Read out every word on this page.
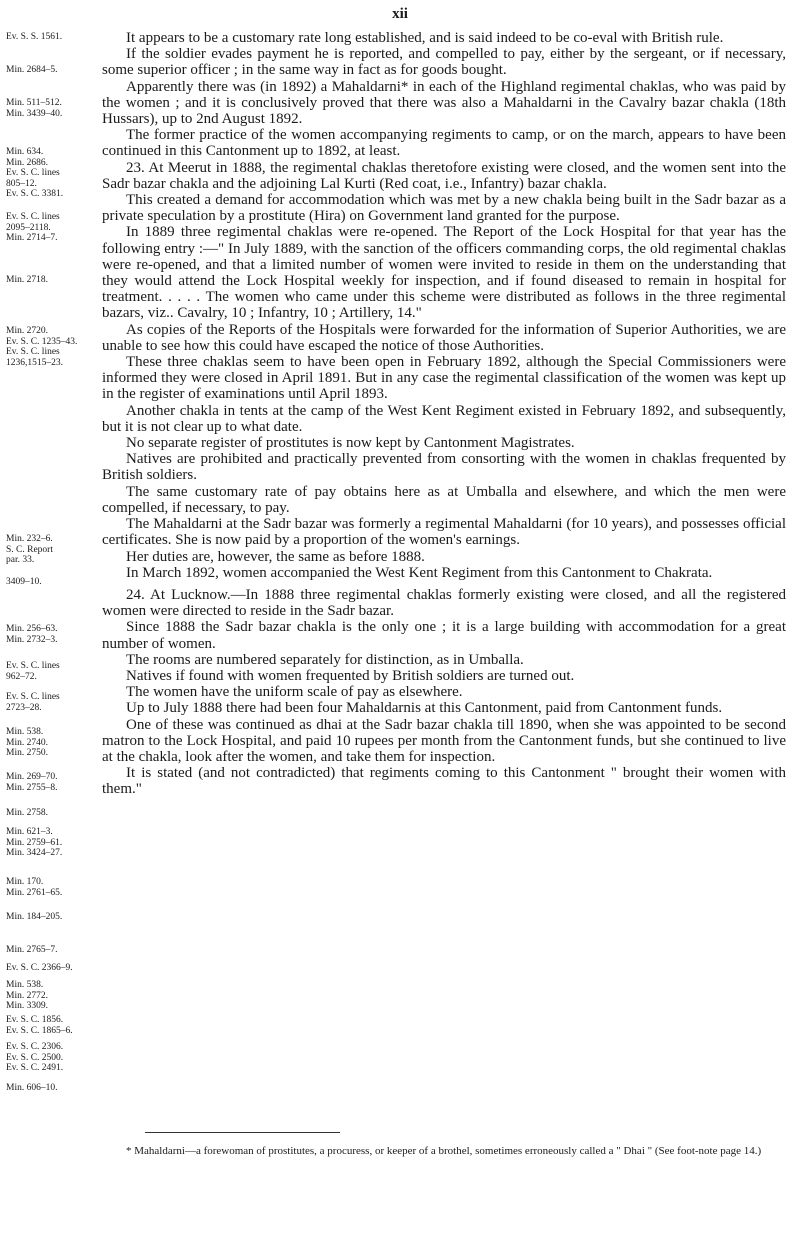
xii
Ev. S. S. 1561.
Min. 2684–5.
Min. 511–512.
Min. 3439–40.
Min. 634.
Min. 2686.
Ev. S. C. lines
805–12.
Ev. S. C. 3381.
Ev. S. C. lines
2095–2118.
Min. 2714–7.
Min. 2718.
Min. 2720.
Ev. S. C. 1235–43.
Ev. S. C. lines
1236,1515–23.
Min. 232–6.
S. C. Report
par. 33.
3409–10.
Min. 256–63.
Min. 2732–3.
Ev. S. C. lines
962–72.
Ev. S. C. lines
2723–28.
Min. 538.
Min. 2740.
Min. 2750.
Min. 269–70.
Min. 2755–8.
Min. 2758.
Min. 621–3.
Min. 2759–61.
Min. 3424–27.
Min. 170.
Min. 2761–65.
Min. 184–205.
Min. 2765–7.
Ev. S. C. 2366–9.
Min. 538.
Min. 2772.
Min. 3309.
Ev. S. C. 1856.
Ev. S. C. 1865–6.
Ev. S. C. 2306.
Ev. S. C. 2500.
Ev. S. C. 2491.
Min. 606–10.

It appears to be a customary rate long established, and is said indeed to be co-eval with British rule.

If the soldier evades payment he is reported, and compelled to pay, either by the sergeant, or if necessary, some superior officer ; in the same way in fact as for goods bought.

Apparently there was (in 1892) a Mahaldarni* in each of the Highland regimental chaklas, who was paid by the women ; and it is conclusively proved that there was also a Mahaldarni in the Cavalry bazar chakla (18th Hussars), up to 2nd August 1892.

The former practice of the women accompanying regiments to camp, or on the march, appears to have been continued in this Cantonment up to 1892, at least.

23. At Meerut in 1888, the regimental chaklas theretofore existing were closed, and the women sent into the Sadr bazar chakla and the adjoining Lal Kurti (Red coat, i.e., Infantry) bazar chakla.

This created a demand for accommodation which was met by a new chakla being built in the Sadr bazar as a private speculation by a prostitute (Hira) on Government land granted for the purpose.

In 1889 three regimental chaklas were re-opened. The Report of the Lock Hospital for that year has the following entry :—" In July 1889, with the sanction of the officers commanding corps, the old regimental chaklas were re-opened, and that a limited number of women were invited to reside in them on the understanding that they would attend the Lock Hospital weekly for inspection, and if found diseased to remain in hospital for treatment. . . . . The women who came under this scheme were distributed as follows in the three regimental bazars, viz.. Cavalry, 10 ; Infantry, 10 ; Artillery, 14."

As copies of the Reports of the Hospitals were forwarded for the information of Superior Authorities, we are unable to see how this could have escaped the notice of those Authorities.

These three chaklas seem to have been open in February 1892, although the Special Commissioners were informed they were closed in April 1891. But in any case the regimental classification of the women was kept up in the register of examinations until April 1893.

Another chakla in tents at the camp of the West Kent Regiment existed in February 1892, and subsequently, but it is not clear up to what date.

No separate register of prostitutes is now kept by Cantonment Magistrates.

Natives are prohibited and practically prevented from consorting with the women in chaklas frequented by British soldiers.

The same customary rate of pay obtains here as at Umballa and elsewhere, and which the men were compelled, if necessary, to pay.

The Mahaldarni at the Sadr bazar was formerly a regimental Mahaldarni (for 10 years), and possesses official certificates. She is now paid by a proportion of the women's earnings.

Her duties are, however, the same as before 1888.

In March 1892, women accompanied the West Kent Regiment from this Cantonment to Chakrata.

24. At Lucknow.—In 1888 three regimental chaklas formerly existing were closed, and all the registered women were directed to reside in the Sadr bazar.

Since 1888 the Sadr bazar chakla is the only one ; it is a large building with accommodation for a great number of women.

The rooms are numbered separately for distinction, as in Umballa.

Natives if found with women frequented by British soldiers are turned out.

The women have the uniform scale of pay as elsewhere.

Up to July 1888 there had been four Mahaldarnis at this Cantonment, paid from Cantonment funds.

One of these was continued as dhai at the Sadr bazar chakla till 1890, when she was appointed to be second matron to the Lock Hospital, and paid 10 rupees per month from the Cantonment funds, but she continued to live at the chakla, look after the women, and take them for inspection.

It is stated (and not contradicted) that regiments coming to this Cantonment " brought their women with them."

* Mahaldarni—a forewoman of prostitutes, a procuress, or keeper of a brothel, sometimes erroneously called a " Dhai " (See foot-note page 14.)
